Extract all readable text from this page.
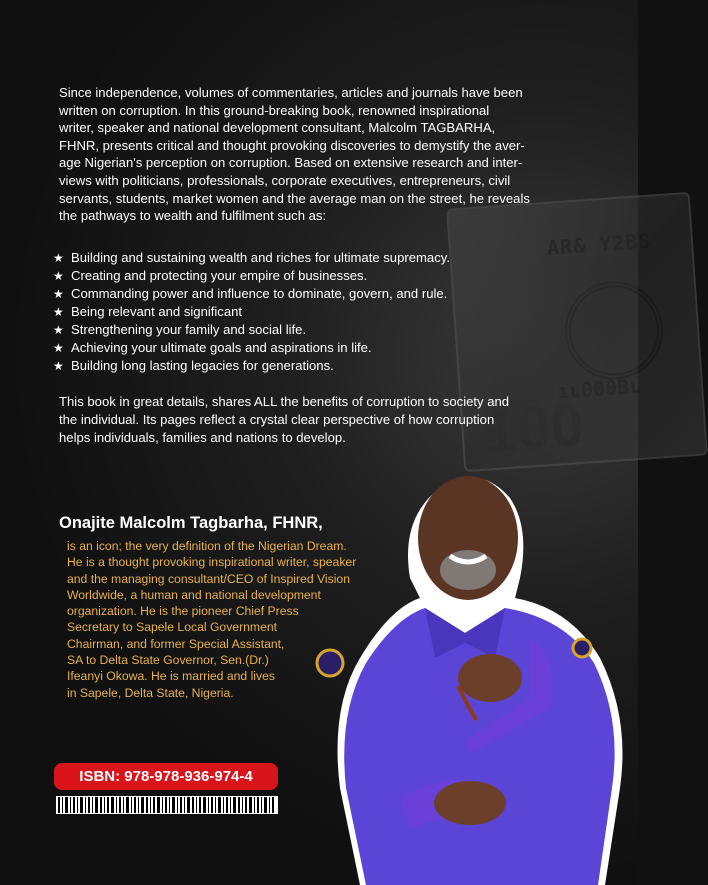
AR& Y2BS
ıʟ000Bʟ
100
Since independence, volumes of commentaries, articles and journals have been
written on corruption. In this ground-breaking book, renowned inspirational
writer, speaker and national development consultant, Malcolm TAGBARHA,
FHNR, presents critical and thought provoking discoveries to demystify the aver-
age Nigerian's perception on corruption. Based on extensive research and inter-
views with politicians, professionals, corporate executives, entrepreneurs, civil
servants, students, market women and the average man on the street, he reveals
the pathways to wealth and fulfilment such as:
★ Building and sustaining wealth and riches for ultimate supremacy.
★ Creating and protecting your empire of businesses.
★ Commanding power and influence to dominate, govern, and rule.
★ Being relevant and significant
★ Strengthening your family and social life.
★ Achieving your ultimate goals and aspirations in life.
★ Building long lasting legacies for generations.
This book in great details, shares ALL the benefits of corruption to society and
the individual. Its pages reflect a crystal clear perspective of how corruption
helps individuals, families and nations to develop.
Onajite Malcolm Tagbarha, FHNR,
is an icon; the very definition of the Nigerian Dream.
He is a thought provoking inspirational writer, speaker
and the managing consultant/CEO of Inspired Vision
Worldwide, a human and national development
organization. He is the pioneer Chief Press
Secretary to Sapele Local Government
Chairman, and former Special Assistant,
SA to Delta State Governor, Sen.(Dr.)
Ifeanyi Okowa. He is married and lives
in Sapele, Delta State, Nigeria.
ISBN: 978-978-936-974-4
